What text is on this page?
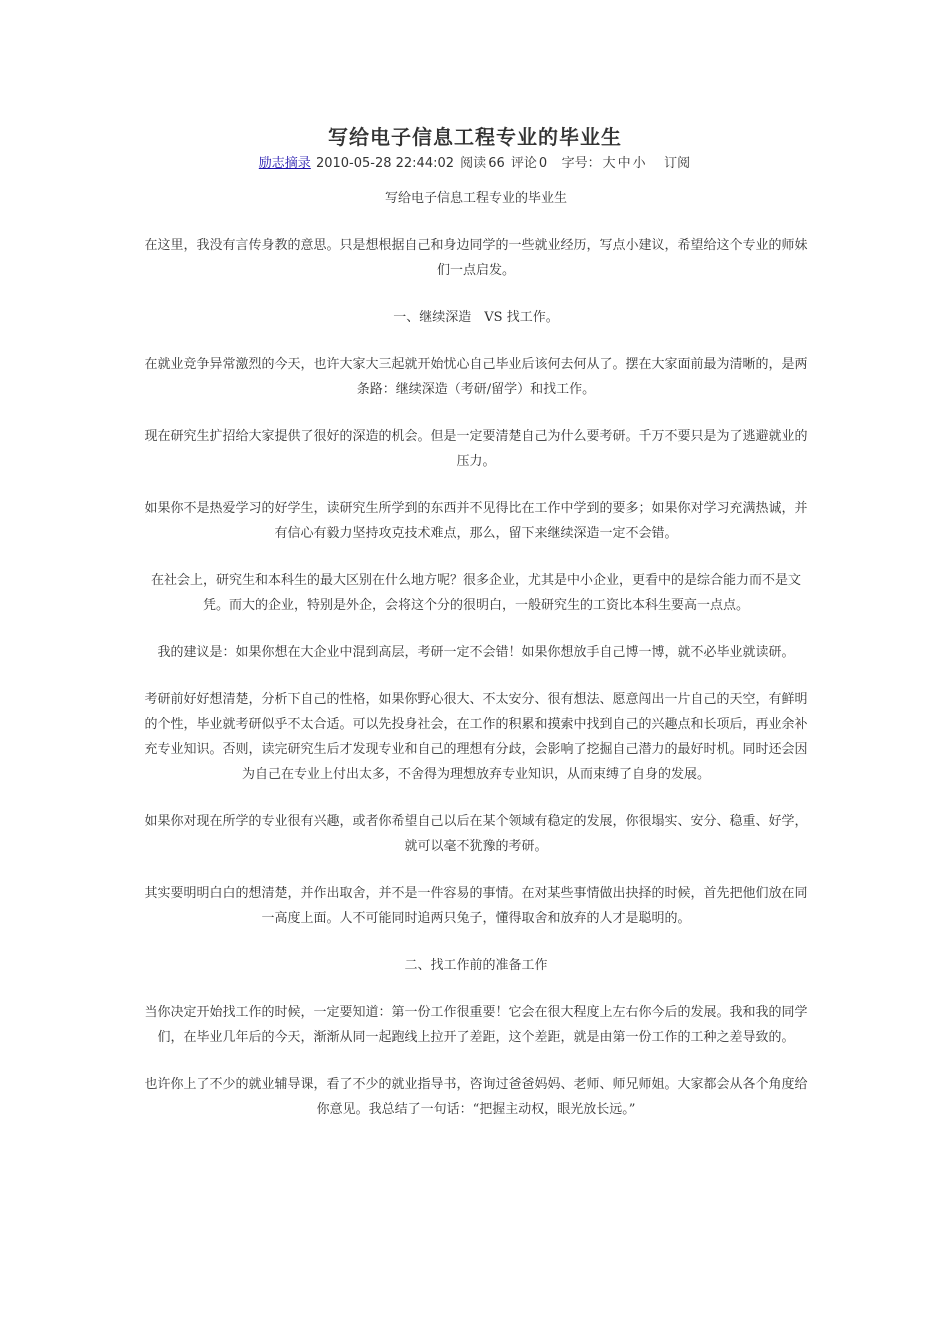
写给电子信息工程专业的毕业生
励志摘录 2010-05-28 22:44:02 阅读 66 评论 0 字号： 大 中 小 订阅

写给电子信息工程专业的毕业生

在这里，我没有言传身教的意思。只是想根据自己和身边同学的一些就业经历，写点小建议，希望给这个专业的师妹们一点启发。

一、继续深造　VS 找工作。

在就业竞争异常激烈的今天，也许大家大三起就开始忧心自己毕业后该何去何从了。摆在大家面前最为清晰的，是两条路：继续深造（考研/留学）和找工作。

现在研究生扩招给大家提供了很好的深造的机会。但是一定要清楚自己为什么要考研。千万不要只是为了逃避就业的压力。

如果你不是热爱学习的好学生，读研究生所学到的东西并不见得比在工作中学到的要多；如果你对学习充满热诚，并有信心有毅力坚持攻克技术难点，那么，留下来继续深造一定不会错。

在社会上，研究生和本科生的最大区别在什么地方呢？很多企业，尤其是中小企业，更看中的是综合能力而不是文凭。而大的企业，特别是外企，会将这个分的很明白，一般研究生的工资比本科生要高一点点。

我的建议是：如果你想在大企业中混到高层，考研一定不会错！如果你想放手自己博一博，就不必毕业就读研。

考研前好好想清楚，分析下自己的性格，如果你野心很大、不太安分、很有想法、愿意闯出一片自己的天空，有鲜明的个性，毕业就考研似乎不太合适。可以先投身社会，在工作的积累和摸索中找到自己的兴趣点和长项后，再业余补充专业知识。否则，读完研究生后才发现专业和自己的理想有分歧，会影响了挖掘自己潜力的最好时机。同时还会因为自己在专业上付出太多，不舍得为理想放弃专业知识，从而束缚了自身的发展。

如果你对现在所学的专业很有兴趣，或者你希望自己以后在某个领域有稳定的发展，你很塌实、安分、稳重、好学，就可以毫不犹豫的考研。

其实要明明白白的想清楚，并作出取舍，并不是一件容易的事情。在对某些事情做出抉择的时候，首先把他们放在同一高度上面。人不可能同时追两只兔子，懂得取舍和放弃的人才是聪明的。

二、找工作前的准备工作

当你决定开始找工作的时候，一定要知道：第一份工作很重要！它会在很大程度上左右你今后的发展。我和我的同学们，在毕业几年后的今天，渐渐从同一起跑线上拉开了差距，这个差距，就是由第一份工作的工种之差导致的。

也许你上了不少的就业辅导课，看了不少的就业指导书，咨询过爸爸妈妈、老师、师兄师姐。大家都会从各个角度给你意见。我总结了一句话：“把握主动权，眼光放长远。”
